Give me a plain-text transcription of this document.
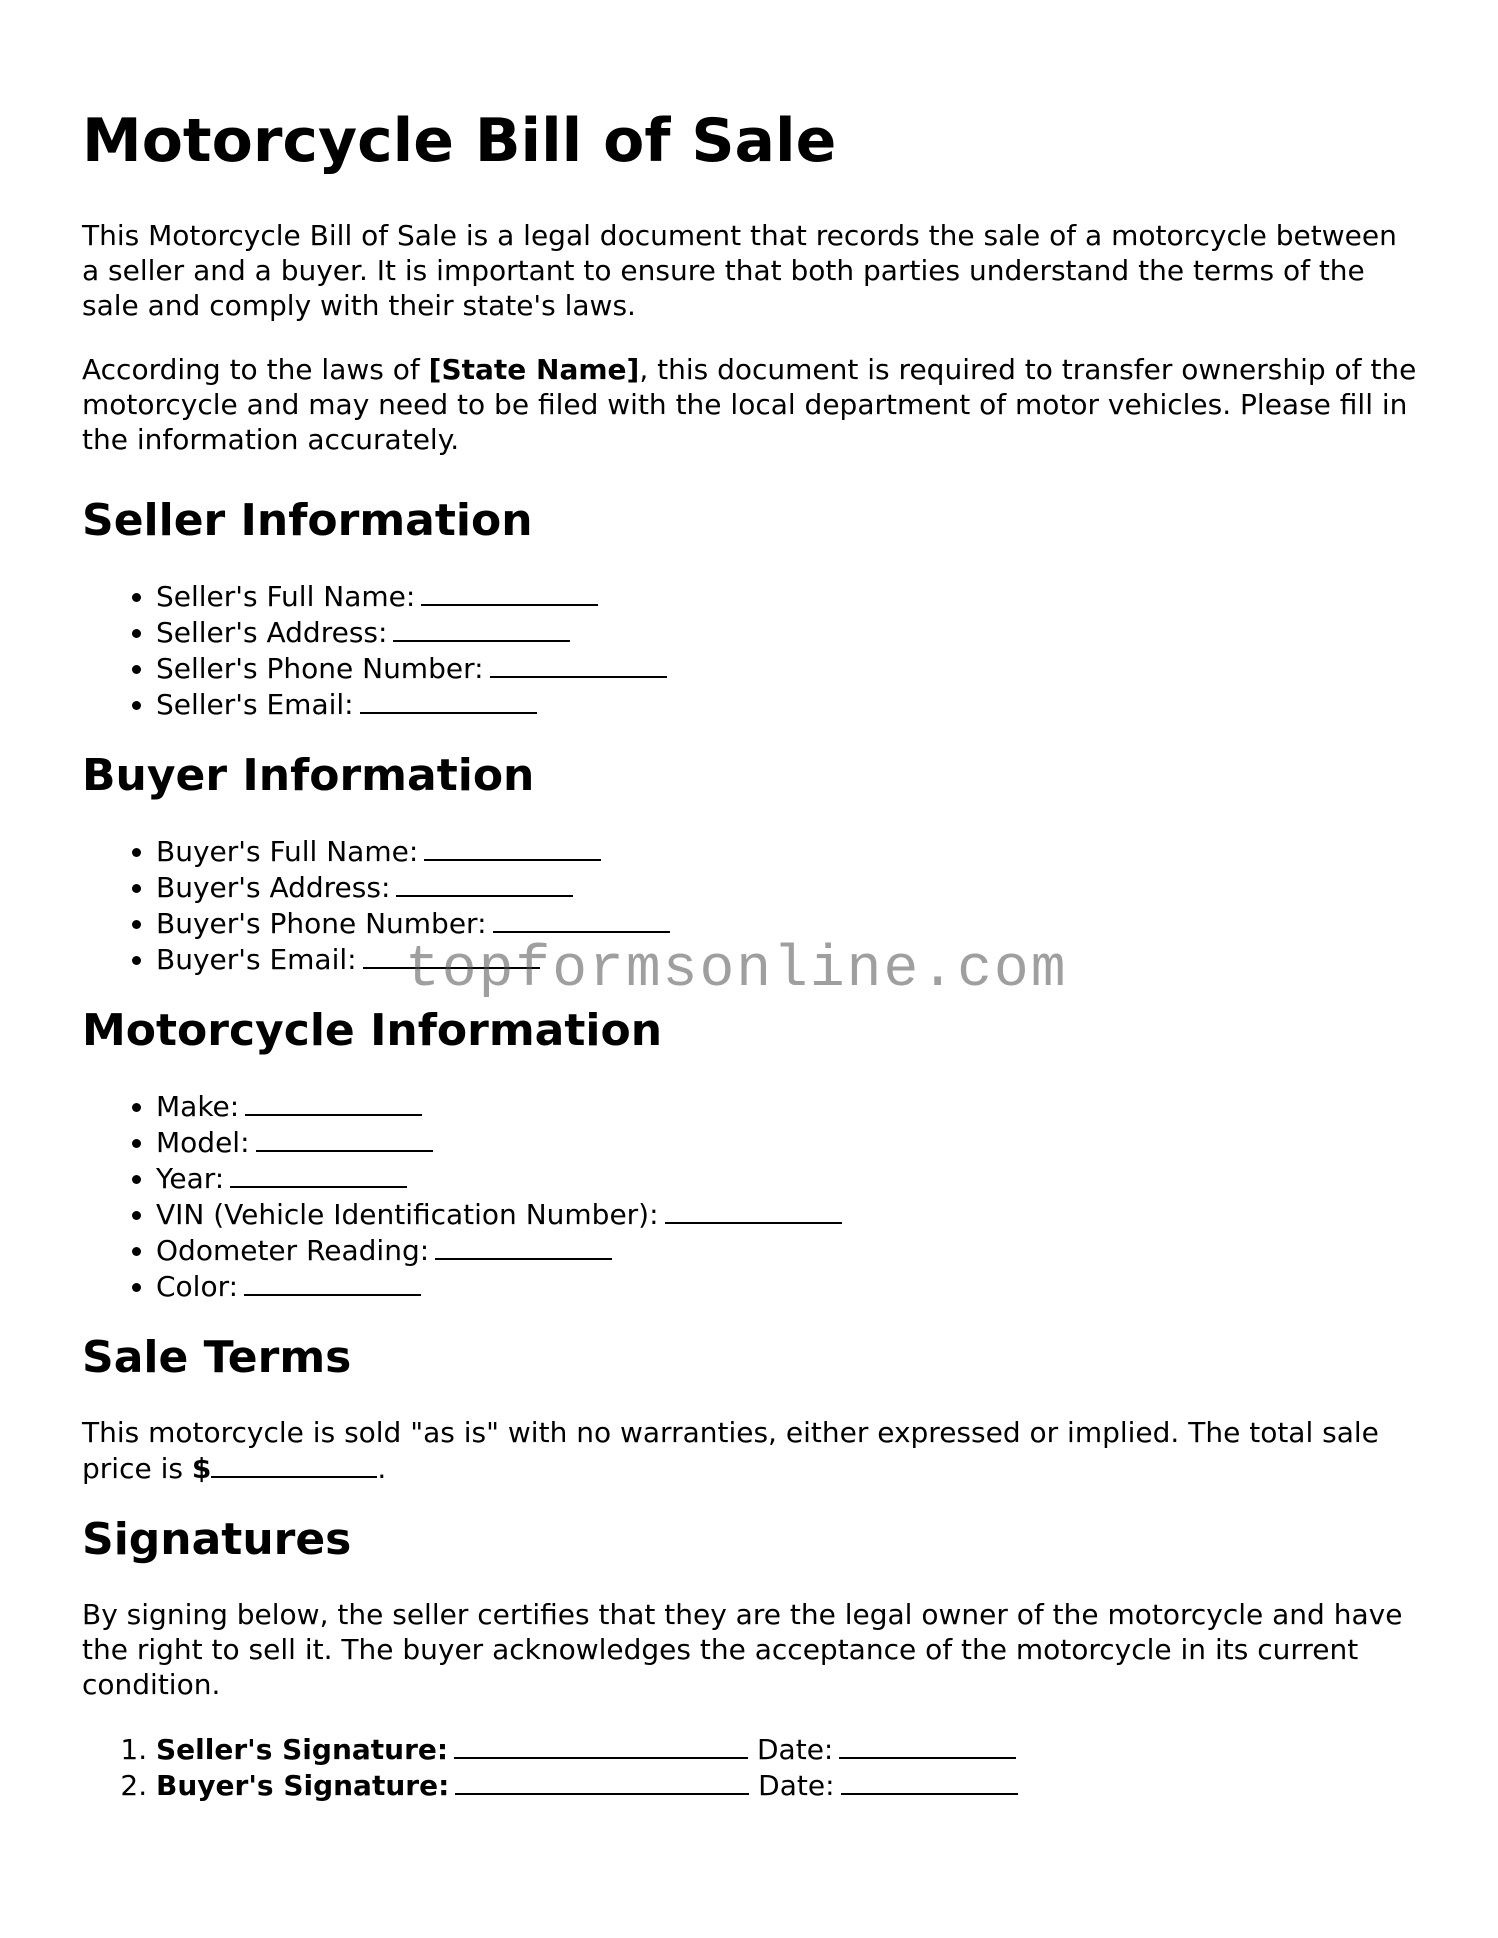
Motorcycle Bill of Sale

This Motorcycle Bill of Sale is a legal document that records the sale of a motorcycle between a seller and a buyer. It is important to ensure that both parties understand the terms of the sale and comply with their state's laws.

According to the laws of [State Name], this document is required to transfer ownership of the motorcycle and may need to be filed with the local department of motor vehicles. Please fill in the information accurately.

Seller Information
• Seller's Full Name:
• Seller's Address:
• Seller's Phone Number:
• Seller's Email:
Buyer Information
• Buyer's Full Name:
• Buyer's Address:
• Buyer's Phone Number:
• Buyer's Email:
Motorcycle Information
• Make:
• Model:
• Year:
• VIN (Vehicle Identification Number):
• Odometer Reading:
• Color:
Sale Terms

This motorcycle is sold "as is" with no warranties, either expressed or implied. The total sale price is $	.

Signatures

By signing below, the seller certifies that they are the legal owner of the motorcycle and have the right to sell it. The buyer acknowledges the acceptance of the motorcycle in its current condition.

1. Seller's Signature:	Date:
2. Buyer's Signature:	Date:
topformsonline.com
